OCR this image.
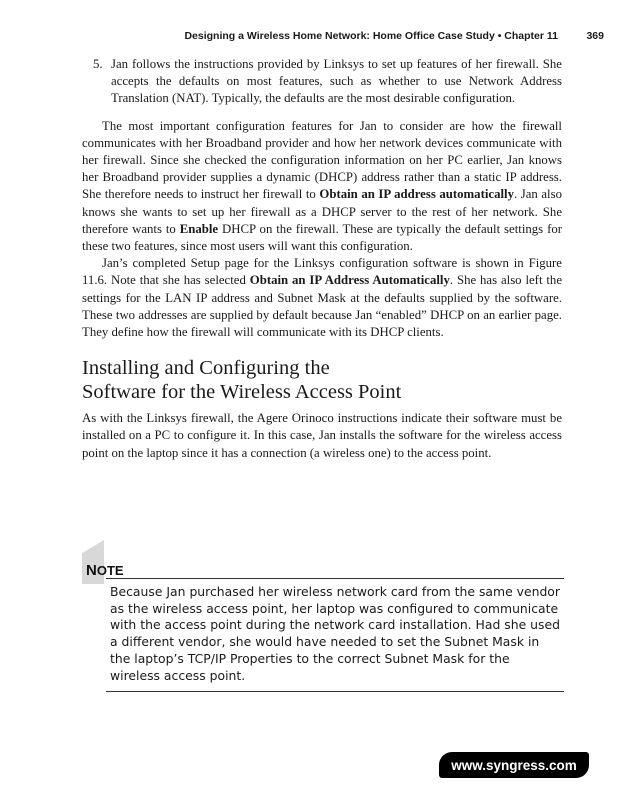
Designing a Wireless Home Network: Home Office Case Study • Chapter 11	369
5. Jan follows the instructions provided by Linksys to set up features of her firewall. She accepts the defaults on most features, such as whether to use Network Address Translation (NAT). Typically, the defaults are the most desirable configuration.

The most important configuration features for Jan to consider are how the firewall communicates with her Broadband provider and how her network devices communicate with her firewall. Since she checked the configuration information on her PC earlier, Jan knows her Broadband provider supplies a dynamic (DHCP) address rather than a static IP address. She therefore needs to instruct her firewall to Obtain an IP address automatically. Jan also knows she wants to set up her firewall as a DHCP server to the rest of her network. She therefore wants to Enable DHCP on the firewall. These are typically the default settings for these two features, since most users will want this configuration.

Jan’s completed Setup page for the Linksys configuration software is shown in Figure 11.6. Note that she has selected Obtain an IP Address Automatically. She has also left the settings for the LAN IP address and Subnet Mask at the defaults supplied by the software. These two addresses are supplied by default because Jan “enabled” DHCP on an earlier page. They define how the firewall will communicate with its DHCP clients.

Installing and Configuring the
Software for the Wireless Access Point

As with the Linksys firewall, the Agere Orinoco instructions indicate their software must be installed on a PC to configure it. In this case, Jan installs the software for the wireless access point on the laptop since it has a connection (a wireless one) to the access point.

NOTE
Because Jan purchased her wireless network card from the same vendor as the wireless access point, her laptop was configured to communicate with the access point during the network card installation. Had she used a different vendor, she would have needed to set the Subnet Mask in the laptop’s TCP/IP Properties to the correct Subnet Mask for the wireless access point.
www.syngress.com
